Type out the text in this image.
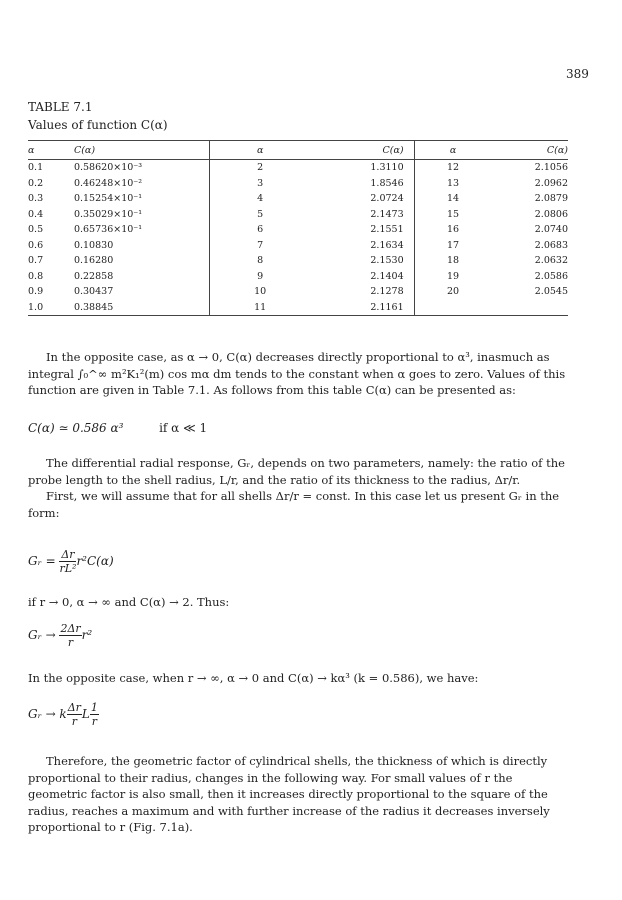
389
TABLE 7.1
Values of function C(α)
α	C(α)	α	C(α)	α	C(α)
0.1	0.58620×10⁻³	2	1.3110	12	2.1056
0.2	0.46248×10⁻²	3	1.8546	13	2.0962
0.3	0.15254×10⁻¹	4	2.0724	14	2.0879
0.4	0.35029×10⁻¹	5	2.1473	15	2.0806
0.5	0.65736×10⁻¹	6	2.1551	16	2.0740
0.6	0.10830	7	2.1634	17	2.0683
0.7	0.16280	8	2.1530	18	2.0632
0.8	0.22858	9	2.1404	19	2.0586
0.9	0.30437	10	2.1278	20	2.0545
1.0	0.38845	11	2.1161		

In the opposite case, as α → 0, C(α) decreases directly proportional to α³, inasmuch as integral ∫₀^∞ m²K₁²(m) cos mα dm tends to the constant when α goes to zero. Values of this function are given in Table 7.1. As follows from this table C(α) can be presented as:

C(α) ≃ 0.586 α³	if α ≪ 1

The differential radial response, Gᵣ, depends on two parameters, namely: the ratio of the probe length to the shell radius, L/r, and the ratio of its thickness to the radius, Δr/r.

First, we will assume that for all shells Δr/r = const. In this case let us present Gᵣ in the form:

Gᵣ = $\frac{\Delta r}{\text{rL²}} r^2C(\alpha)$

if r → 0, α → ∞ and C(α) → 2. Thus:

Gᵣ → $\frac{2\Delta r}{r} r^2$

In the opposite case, when r → ∞, α → 0 and C(α) → kα³ (k = 0.586), we have:

Gᵣ → k $\frac{\Delta r}{r}$ L $\frac{1}{r}$

Therefore, the geometric factor of cylindrical shells, the thickness of which is directly proportional to their radius, changes in the following way. For small values of r the geometric factor is also small, then it increases directly proportional to the square of the radius, reaches a maximum and with further increase of the radius it decreases inversely proportional to r (Fig. 7.1a).
